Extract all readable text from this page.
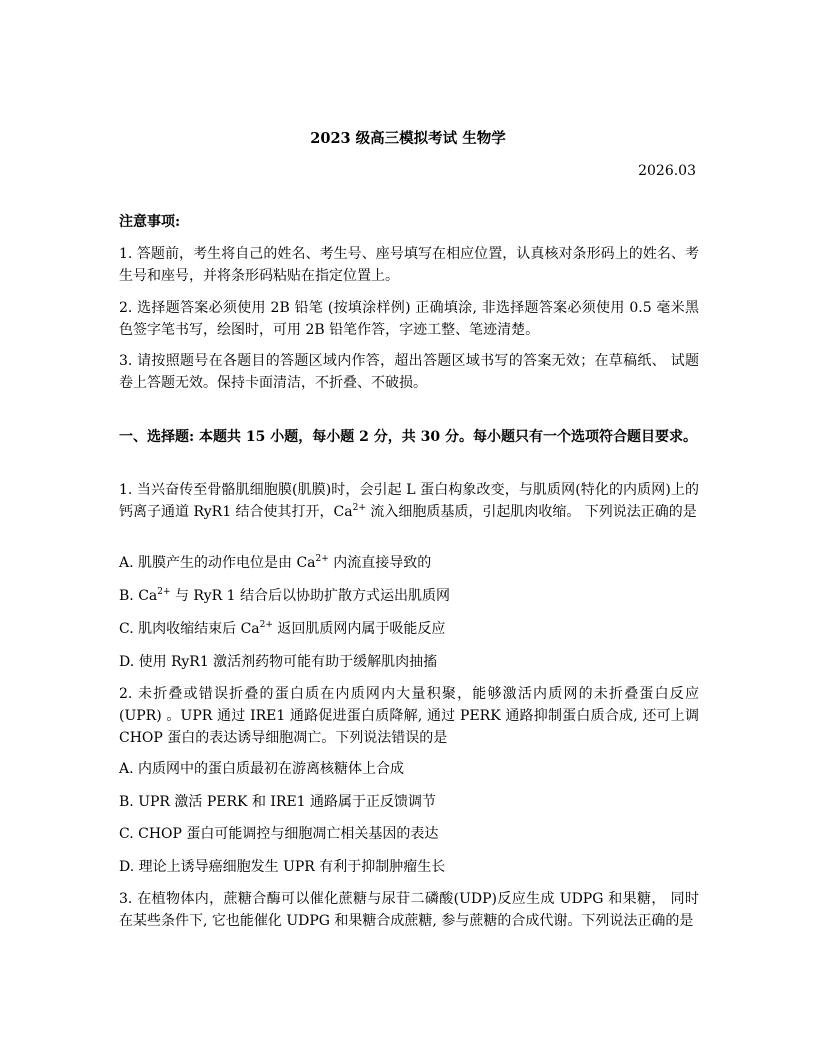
2023 级高三模拟考试 生物学
2026.03
注意事项:
1. 答题前，考生将自己的姓名、考生号、座号填写在相应位置，认真核对条形码上的姓名、考生号和座号，并将条形码粘贴在指定位置上。
2. 选择题答案必须使用 2B 铅笔 (按填涂样例) 正确填涂, 非选择题答案必须使用 0.5 毫米黑色签字笔书写，绘图时，可用 2B 铅笔作答，字迹工整、笔迹清楚。
3. 请按照题号在各题目的答题区域内作答，超出答题区域书写的答案无效；在草稿纸、 试题卷上答题无效。保持卡面清洁，不折叠、不破损。
一、选择题: 本题共 15 小题，每小题 2 分，共 30 分。每小题只有一个选项符合题目要求。
1. 当兴奋传至骨骼肌细胞膜(肌膜)时，会引起 L 蛋白构象改变，与肌质网(特化的内质网)上的钙离子通道 RyR1 结合使其打开，$Ca^{2+}$ 流入细胞质基质，引起肌肉收缩。 下列说法正确的是
A. 肌膜产生的动作电位是由 $Ca^{2+}$ 内流直接导致的
B. $Ca^{2+}$ 与 RyR 1 结合后以协助扩散方式运出肌质网
C. 肌肉收缩结束后 $Ca^{2+}$ 返回肌质网内属于吸能反应
D. 使用 RyR1 激活剂药物可能有助于缓解肌肉抽搐
2. 未折叠或错误折叠的蛋白质在内质网内大量积聚，能够激活内质网的未折叠蛋白反应 (UPR) 。UPR 通过 IRE1 通路促进蛋白质降解, 通过 PERK 通路抑制蛋白质合成, 还可上调 CHOP 蛋白的表达诱导细胞凋亡。下列说法错误的是
A. 内质网中的蛋白质最初在游离核糖体上合成
B. UPR 激活 PERK 和 IRE1 通路属于正反馈调节
C. CHOP 蛋白可能调控与细胞凋亡相关基因的表达
D. 理论上诱导癌细胞发生 UPR 有利于抑制肿瘤生长
3. 在植物体内，蔗糖合酶可以催化蔗糖与尿苷二磷酸(UDP)反应生成 UDPG 和果糖， 同时在某些条件下, 它也能催化 UDPG 和果糖合成蔗糖, 参与蔗糖的合成代谢。下列说法正确的是
